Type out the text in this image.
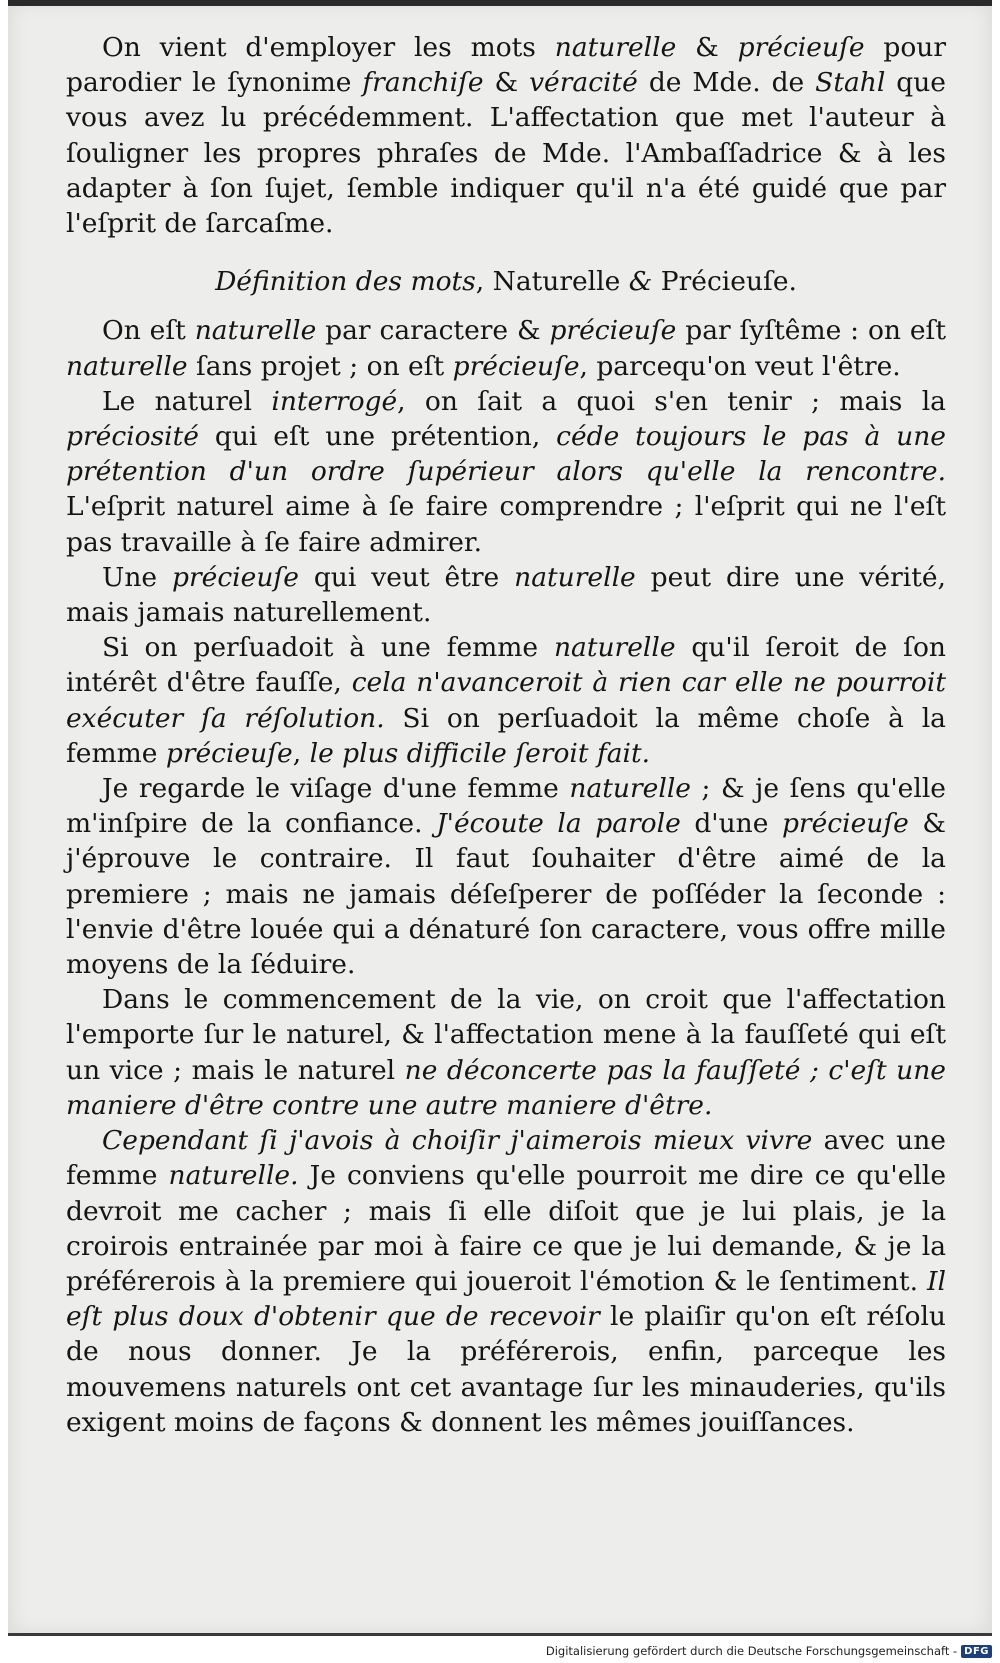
On vient d'employer les mots naturelle & précieuſe pour parodier le ſynonime franchiſe & véracité de Mde. de Stahl que vous avez lu précédemment. L'affectation que met l'auteur à ſouligner les propres phraſes de Mde. l'Ambaſſadrice & à les adapter à ſon ſujet, ſemble indiquer qu'il n'a été guidé que par l'eſprit de ſarcaſme.

Définition des mots, Naturelle & Précieuſe.

On eſt naturelle par caractere & précieuſe par ſyſtême : on eſt naturelle ſans projet ; on eſt précieuſe, parcequ'on veut l'être.

Le naturel interrogé, on ſait a quoi s'en tenir ; mais la préciosité qui eſt une prétention, céde toujours le pas à une prétention d'un ordre ſupérieur alors qu'elle la rencontre. L'eſprit naturel aime à ſe faire comprendre ; l'eſprit qui ne l'eſt pas travaille à ſe faire admirer.

Une précieuſe qui veut être naturelle peut dire une vérité, mais jamais naturellement.

Si on perſuadoit à une femme naturelle qu'il ſeroit de ſon intérêt d'être fauſſe, cela n'avanceroit à rien car elle ne pourroit exécuter ſa réſolution. Si on perſuadoit la même choſe à la femme précieuſe, le plus difficile ſeroit fait.

Je regarde le viſage d'une femme naturelle ; & je ſens qu'elle m'inſpire de la confiance. J'écoute la parole d'une précieuſe & j'éprouve le contraire. Il faut ſouhaiter d'être aimé de la premiere ; mais ne jamais déſeſperer de poſſéder la ſeconde : l'envie d'être louée qui a dénaturé ſon caractere, vous offre mille moyens de la ſéduire.

Dans le commencement de la vie, on croit que l'affectation l'emporte ſur le naturel, & l'affectation mene à la fauſſeté qui eſt un vice ; mais le naturel ne déconcerte pas la fauſſeté ; c'eſt une maniere d'être contre une autre maniere d'être.

Cependant ſi j'avois à choiſir j'aimerois mieux vivre avec une femme naturelle. Je conviens qu'elle pourroit me dire ce qu'elle devroit me cacher ; mais ſi elle diſoit que je lui plais, je la croirois entrainée par moi à faire ce que je lui demande, & je la préférerois à la premiere qui joueroit l'émotion & le ſentiment. Il eſt plus doux d'obtenir que de recevoir le plaiſir qu'on eſt réſolu de nous donner. Je la préférerois, enfin, parceque les mouvemens naturels ont cet avantage ſur les minauderies, qu'ils exigent moins de façons & donnent les mêmes jouiſſances.

Digitalisierung gefördert durch die Deutsche Forschungsgemeinschaft - DFG
